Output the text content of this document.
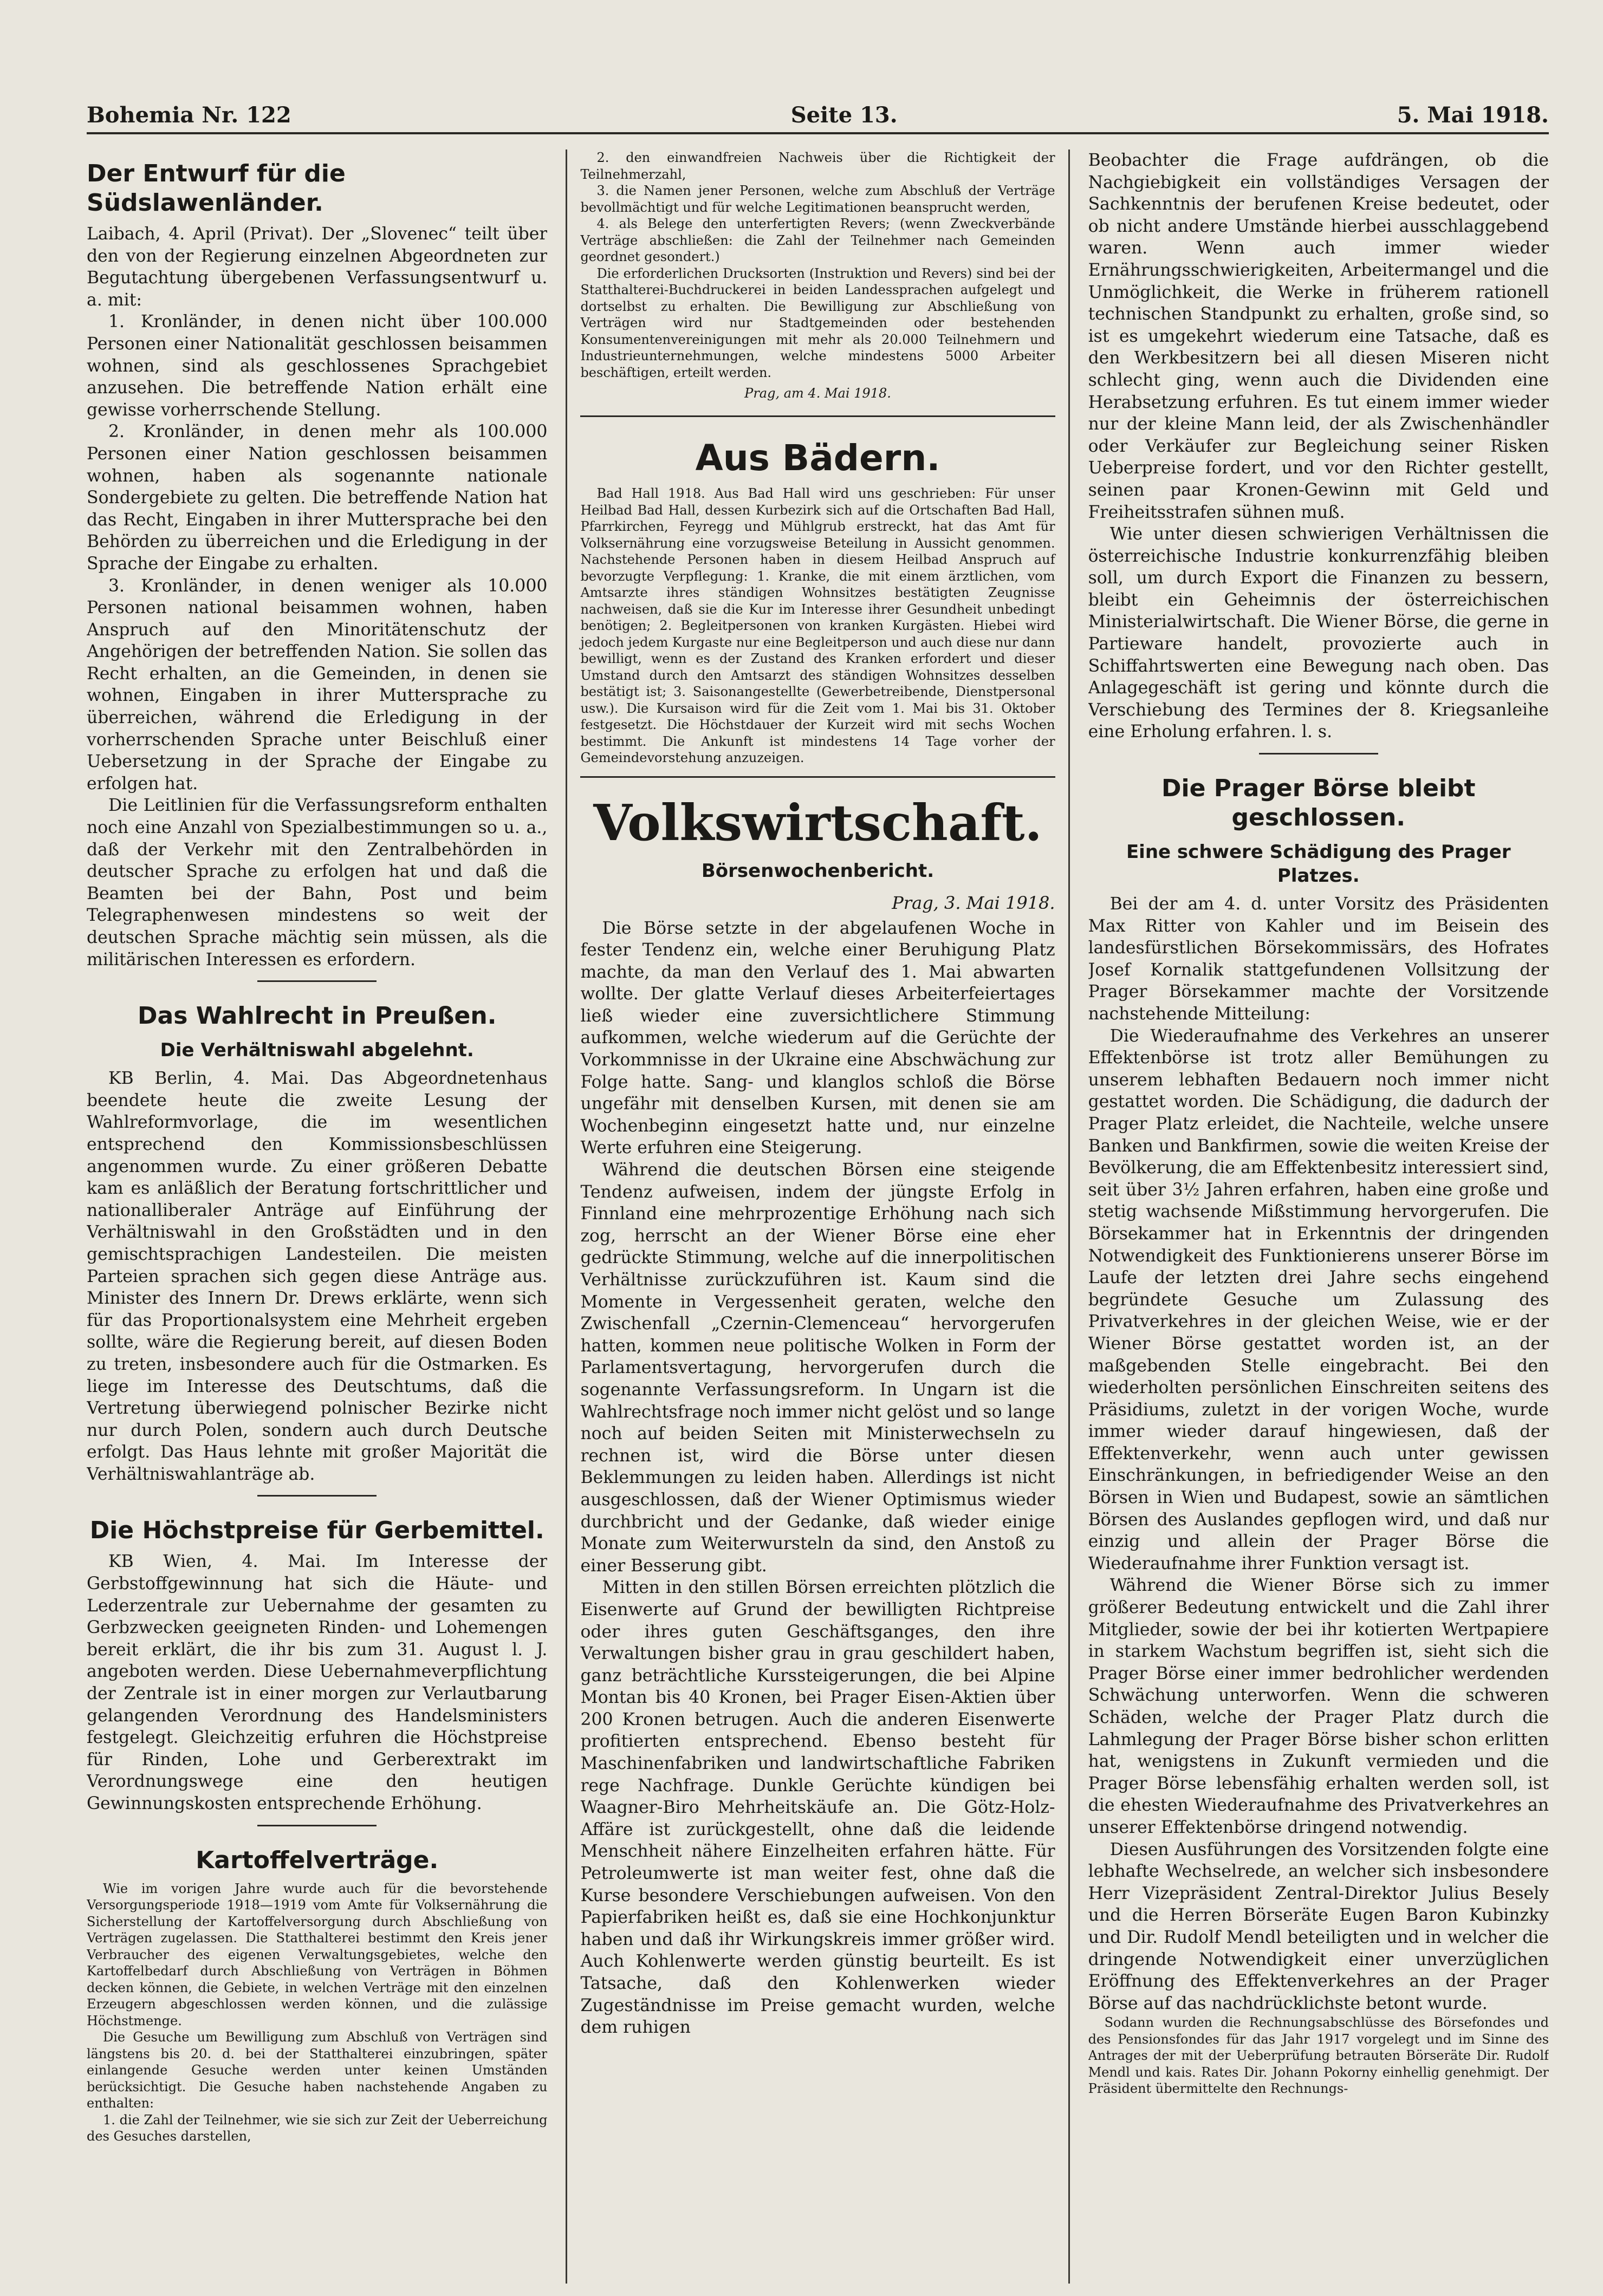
Bohemia Nr. 122	Seite 13.	5. Mai 1918.
Der Entwurf für die Südslawenländer.

Laibach, 4. April (Privat). Der „Slovenec“ teilt über den von der Regierung einzelnen Abgeordneten zur Begutachtung übergebenen Verfassungsentwurf u. a. mit:

1. Kronländer, in denen nicht über 100.000 Personen einer Nationalität geschlossen beisammen wohnen, sind als geschlossenes Sprachgebiet anzusehen. Die betreffende Nation erhält eine gewisse vorherrschende Stellung.

2. Kronländer, in denen mehr als 100.000 Personen einer Nation geschlossen beisammen wohnen, haben als sogenannte nationale Sondergebiete zu gelten. Die betreffende Nation hat das Recht, Eingaben in ihrer Muttersprache bei den Behörden zu überreichen und die Erledigung in der Sprache der Eingabe zu erhalten.

3. Kronländer, in denen weniger als 10.000 Personen national beisammen wohnen, haben Anspruch auf den Minoritätenschutz der Angehörigen der betreffenden Nation. Sie sollen das Recht erhalten, an die Gemeinden, in denen sie wohnen, Eingaben in ihrer Muttersprache zu überreichen, während die Erledigung in der vorherrschenden Sprache unter Beischluß einer Uebersetzung in der Sprache der Eingabe zu erfolgen hat.

Die Leitlinien für die Verfassungsreform enthalten noch eine Anzahl von Spezialbestimmungen so u. a., daß der Verkehr mit den Zentralbehörden in deutscher Sprache zu erfolgen hat und daß die Beamten bei der Bahn, Post und beim Telegraphenwesen mindestens so weit der deutschen Sprache mächtig sein müssen, als die militärischen Interessen es erfordern.

Das Wahlrecht in Preußen.
Die Verhältniswahl abgelehnt.

KB Berlin, 4. Mai. Das Abgeordnetenhaus beendete heute die zweite Lesung der Wahlreformvorlage, die im wesentlichen entsprechend den Kommissionsbeschlüssen angenommen wurde. Zu einer größeren Debatte kam es anläßlich der Beratung fortschrittlicher und nationalliberaler Anträge auf Einführung der Verhältniswahl in den Großstädten und in den gemischtsprachigen Landesteilen. Die meisten Parteien sprachen sich gegen diese Anträge aus. Minister des Innern Dr. Drews erklärte, wenn sich für das Proportionalsystem eine Mehrheit ergeben sollte, wäre die Regierung bereit, auf diesen Boden zu treten, insbesondere auch für die Ostmarken. Es liege im Interesse des Deutschtums, daß die Vertretung überwiegend polnischer Bezirke nicht nur durch Polen, sondern auch durch Deutsche erfolgt. Das Haus lehnte mit großer Majorität die Verhältniswahlanträge ab.

Die Höchstpreise für Gerbemittel.

KB Wien, 4. Mai. Im Interesse der Gerbstoffgewinnung hat sich die Häute- und Lederzentrale zur Uebernahme der gesamten zu Gerbzwecken geeigneten Rinden- und Lohemengen bereit erklärt, die ihr bis zum 31. August l. J. angeboten werden. Diese Uebernahmeverpflichtung der Zentrale ist in einer morgen zur Verlautbarung gelangenden Verordnung des Handelsministers festgelegt. Gleichzeitig erfuhren die Höchstpreise für Rinden, Lohe und Gerberextrakt im Verordnungswege eine den heutigen Gewinnungskosten entsprechende Erhöhung.

Kartoffelverträge.

Wie im vorigen Jahre wurde auch für die bevorstehende Versorgungsperiode 1918—1919 vom Amte für Volksernährung die Sicherstellung der Kartoffelversorgung durch Abschließung von Verträgen zugelassen. Die Statthalterei bestimmt den Kreis jener Verbraucher des eigenen Verwaltungsgebietes, welche den Kartoffelbedarf durch Abschließung von Verträgen in Böhmen decken können, die Gebiete, in welchen Verträge mit den einzelnen Erzeugern abgeschlossen werden können, und die zulässige Höchstmenge.

Die Gesuche um Bewilligung zum Abschluß von Verträgen sind längstens bis 20. d. bei der Statthalterei einzubringen, später einlangende Gesuche werden unter keinen Umständen berücksichtigt. Die Gesuche haben nachstehende Angaben zu enthalten:

1. die Zahl der Teilnehmer, wie sie sich zur Zeit der Ueberreichung des Gesuches darstellen,

2. den einwandfreien Nachweis über die Richtigkeit der Teilnehmerzahl,

3. die Namen jener Personen, welche zum Abschluß der Verträge bevollmächtigt und für welche Legitimationen beansprucht werden,

4. als Belege den unterfertigten Revers; (wenn Zweckverbände Verträge abschließen: die Zahl der Teilnehmer nach Gemeinden geordnet gesondert.)

Die erforderlichen Drucksorten (Instruktion und Revers) sind bei der Statthalterei-Buchdruckerei in beiden Landessprachen aufgelegt und dortselbst zu erhalten. Die Bewilligung zur Abschließung von Verträgen wird nur Stadtgemeinden oder bestehenden Konsumentenvereinigungen mit mehr als 20.000 Teilnehmern und Industrieunternehmungen, welche mindestens 5000 Arbeiter beschäftigen, erteilt werden.

Prag, am 4. Mai 1918.
Aus Bädern.

Bad Hall 1918. Aus Bad Hall wird uns geschrieben: Für unser Heilbad Bad Hall, dessen Kurbezirk sich auf die Ortschaften Bad Hall, Pfarrkirchen, Feyregg und Mühlgrub erstreckt, hat das Amt für Volksernährung eine vorzugsweise Beteilung in Aussicht genommen. Nachstehende Personen haben in diesem Heilbad Anspruch auf bevorzugte Verpflegung: 1. Kranke, die mit einem ärztlichen, vom Amtsarzte ihres ständigen Wohnsitzes bestätigten Zeugnisse nachweisen, daß sie die Kur im Interesse ihrer Gesundheit unbedingt benötigen; 2. Begleitpersonen von kranken Kurgästen. Hiebei wird jedoch jedem Kurgaste nur eine Begleitperson und auch diese nur dann bewilligt, wenn es der Zustand des Kranken erfordert und dieser Umstand durch den Amtsarzt des ständigen Wohnsitzes desselben bestätigt ist; 3. Saisonangestellte (Gewerbetreibende, Dienstpersonal usw.). Die Kursaison wird für die Zeit vom 1. Mai bis 31. Oktober festgesetzt. Die Höchstdauer der Kurzeit wird mit sechs Wochen bestimmt. Die Ankunft ist mindestens 14 Tage vorher der Gemeindevorstehung anzuzeigen.

Volkswirtschaft.
Börsenwochenbericht.
Prag, 3. Mai 1918.

Die Börse setzte in der abgelaufenen Woche in fester Tendenz ein, welche einer Beruhigung Platz machte, da man den Verlauf des 1. Mai abwarten wollte. Der glatte Verlauf dieses Arbeiterfeiertages ließ wieder eine zuversichtlichere Stimmung aufkommen, welche wiederum auf die Gerüchte der Vorkommnisse in der Ukraine eine Abschwächung zur Folge hatte. Sang- und klanglos schloß die Börse ungefähr mit denselben Kursen, mit denen sie am Wochenbeginn eingesetzt hatte und, nur einzelne Werte erfuhren eine Steigerung.

Während die deutschen Börsen eine steigende Tendenz aufweisen, indem der jüngste Erfolg in Finnland eine mehrprozentige Erhöhung nach sich zog, herrscht an der Wiener Börse eine eher gedrückte Stimmung, welche auf die innerpolitischen Verhältnisse zurückzuführen ist. Kaum sind die Momente in Vergessenheit geraten, welche den Zwischenfall „Czernin-Clemenceau“ hervorgerufen hatten, kommen neue politische Wolken in Form der Parlamentsvertagung, hervorgerufen durch die sogenannte Verfassungsreform. In Ungarn ist die Wahlrechtsfrage noch immer nicht gelöst und so lange noch auf beiden Seiten mit Ministerwechseln zu rechnen ist, wird die Börse unter diesen Beklemmungen zu leiden haben. Allerdings ist nicht ausgeschlossen, daß der Wiener Optimismus wieder durchbricht und der Gedanke, daß wieder einige Monate zum Weiterwursteln da sind, den Anstoß zu einer Besserung gibt.

Mitten in den stillen Börsen erreichten plötzlich die Eisenwerte auf Grund der bewilligten Richtpreise oder ihres guten Geschäftsganges, den ihre Verwaltungen bisher grau in grau geschildert haben, ganz beträchtliche Kurssteigerungen, die bei Alpine Montan bis 40 Kronen, bei Prager Eisen-Aktien über 200 Kronen betrugen. Auch die anderen Eisenwerte profitierten entsprechend. Ebenso besteht für Maschinenfabriken und landwirtschaftliche Fabriken rege Nachfrage. Dunkle Gerüchte kündigen bei Waagner-Biro Mehrheitskäufe an. Die Götz-Holz-Affäre ist zurückgestellt, ohne daß die leidende Menschheit nähere Einzelheiten erfahren hätte. Für Petroleumwerte ist man weiter fest, ohne daß die Kurse besondere Verschiebungen aufweisen. Von den Papierfabriken heißt es, daß sie eine Hochkonjunktur haben und daß ihr Wirkungskreis immer größer wird. Auch Kohlenwerte werden günstig beurteilt. Es ist Tatsache, daß den Kohlenwerken wieder Zugeständnisse im Preise gemacht wurden, welche dem ruhigen

Beobachter die Frage aufdrängen, ob die Nachgiebigkeit ein vollständiges Versagen der Sachkenntnis der berufenen Kreise bedeutet, oder ob nicht andere Umstände hierbei ausschlaggebend waren. Wenn auch immer wieder Ernährungsschwierigkeiten, Arbeitermangel und die Unmöglichkeit, die Werke in früherem rationell technischen Standpunkt zu erhalten, große sind, so ist es umgekehrt wiederum eine Tatsache, daß es den Werkbesitzern bei all diesen Miseren nicht schlecht ging, wenn auch die Dividenden eine Herabsetzung erfuhren. Es tut einem immer wieder nur der kleine Mann leid, der als Zwischenhändler oder Verkäufer zur Begleichung seiner Risken Ueberpreise fordert, und vor den Richter gestellt, seinen paar Kronen-Gewinn mit Geld und Freiheitsstrafen sühnen muß.

Wie unter diesen schwierigen Verhältnissen die österreichische Industrie konkurrenzfähig bleiben soll, um durch Export die Finanzen zu bessern, bleibt ein Geheimnis der österreichischen Ministerialwirtschaft. Die Wiener Börse, die gerne in Partieware handelt, provozierte auch in Schiffahrtswerten eine Bewegung nach oben. Das Anlagegeschäft ist gering und könnte durch die Verschiebung des Termines der 8. Kriegsanleihe eine Erholung erfahren. l. s.

Die Prager Börse bleibt geschlossen.
Eine schwere Schädigung des Prager Platzes.

Bei der am 4. d. unter Vorsitz des Präsidenten Max Ritter von Kahler und im Beisein des landesfürstlichen Börsekommissärs, des Hofrates Josef Kornalik stattgefundenen Vollsitzung der Prager Börsekammer machte der Vorsitzende nachstehende Mitteilung:

Die Wiederaufnahme des Verkehres an unserer Effektenbörse ist trotz aller Bemühungen zu unserem lebhaften Bedauern noch immer nicht gestattet worden. Die Schädigung, die dadurch der Prager Platz erleidet, die Nachteile, welche unsere Banken und Bankfirmen, sowie die weiten Kreise der Bevölkerung, die am Effektenbesitz interessiert sind, seit über 3½ Jahren erfahren, haben eine große und stetig wachsende Mißstimmung hervorgerufen. Die Börsekammer hat in Erkenntnis der dringenden Notwendigkeit des Funktionierens unserer Börse im Laufe der letzten drei Jahre sechs eingehend begründete Gesuche um Zulassung des Privatverkehres in der gleichen Weise, wie er der Wiener Börse gestattet worden ist, an der maßgebenden Stelle eingebracht. Bei den wiederholten persönlichen Einschreiten seitens des Präsidiums, zuletzt in der vorigen Woche, wurde immer wieder darauf hingewiesen, daß der Effektenverkehr, wenn auch unter gewissen Einschränkungen, in befriedigender Weise an den Börsen in Wien und Budapest, sowie an sämtlichen Börsen des Auslandes gepflogen wird, und daß nur einzig und allein der Prager Börse die Wiederaufnahme ihrer Funktion versagt ist.

Während die Wiener Börse sich zu immer größerer Bedeutung entwickelt und die Zahl ihrer Mitglieder, sowie der bei ihr kotierten Wertpapiere in starkem Wachstum begriffen ist, sieht sich die Prager Börse einer immer bedrohlicher werdenden Schwächung unterworfen. Wenn die schweren Schäden, welche der Prager Platz durch die Lahmlegung der Prager Börse bisher schon erlitten hat, wenigstens in Zukunft vermieden und die Prager Börse lebensfähig erhalten werden soll, ist die ehesten Wiederaufnahme des Privatverkehres an unserer Effektenbörse dringend notwendig.

Diesen Ausführungen des Vorsitzenden folgte eine lebhafte Wechselrede, an welcher sich insbesondere Herr Vizepräsident Zentral-Direktor Julius Besely und die Herren Börseräte Eugen Baron Kubinzky und Dir. Rudolf Mendl beteiligten und in welcher die dringende Notwendigkeit einer unverzüglichen Eröffnung des Effektenverkehres an der Prager Börse auf das nachdrücklichste betont wurde.

Sodann wurden die Rechnungsabschlüsse des Börsefondes und des Pensionsfondes für das Jahr 1917 vorgelegt und im Sinne des Antrages der mit der Ueberprüfung betrauten Börseräte Dir. Rudolf Mendl und kais. Rates Dir. Johann Pokorny einhellig genehmigt. Der Präsident übermittelte den Rechnungs-
